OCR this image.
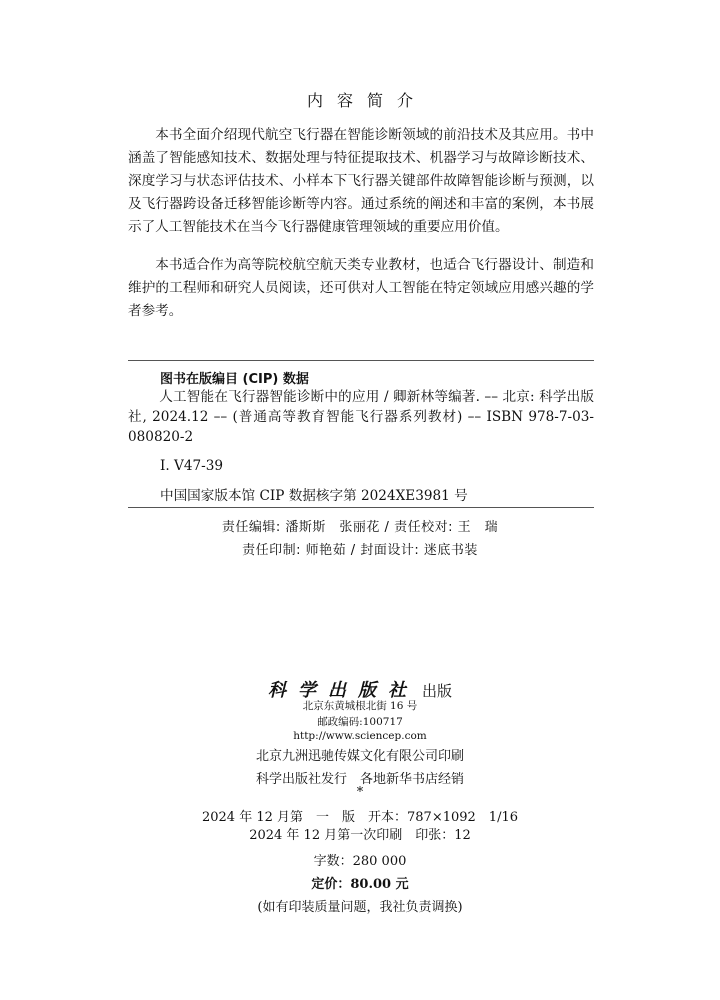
内容简介

本书全面介绍现代航空飞行器在智能诊断领域的前沿技术及其应用。书中涵盖了智能感知技术、数据处理与特征提取技术、机器学习与故障诊断技术、深度学习与状态评估技术、小样本下飞行器关键部件故障智能诊断与预测，以及飞行器跨设备迁移智能诊断等内容。通过系统的阐述和丰富的案例，本书展示了人工智能技术在当今飞行器健康管理领域的重要应用价值。

本书适合作为高等院校航空航天类专业教材，也适合飞行器设计、制造和维护的工程师和研究人员阅读，还可供对人工智能在特定领域应用感兴趣的学者参考。

图书在版编目 (CIP) 数据

人工智能在飞行器智能诊断中的应用 / 卿新林等编著. –– 北京: 科学出版社, 2024.12 –– (普通高等教育智能飞行器系列教材) –– ISBN 978-7-03-080820-2

I. V47-39
中国国家版本馆 CIP 数据核字第 2024XE3981 号
责任编辑: 潘斯斯　张丽花 / 责任校对: 王　瑞
责任印制: 师艳茹 / 封面设计: 迷底书装
科学出版社 出版
北京东黄城根北街 16 号
邮政编码:100717
http://www.sciencep.com
北京九洲迅驰传媒文化有限公司印刷
科学出版社发行　各地新华书店经销
*
2024 年 12 月第　一　版　开本：787×1092　1/16
2024 年 12 月第一次印刷　印张：12
字数：280 000
定价：80.00 元
(如有印装质量问题，我社负责调换)
